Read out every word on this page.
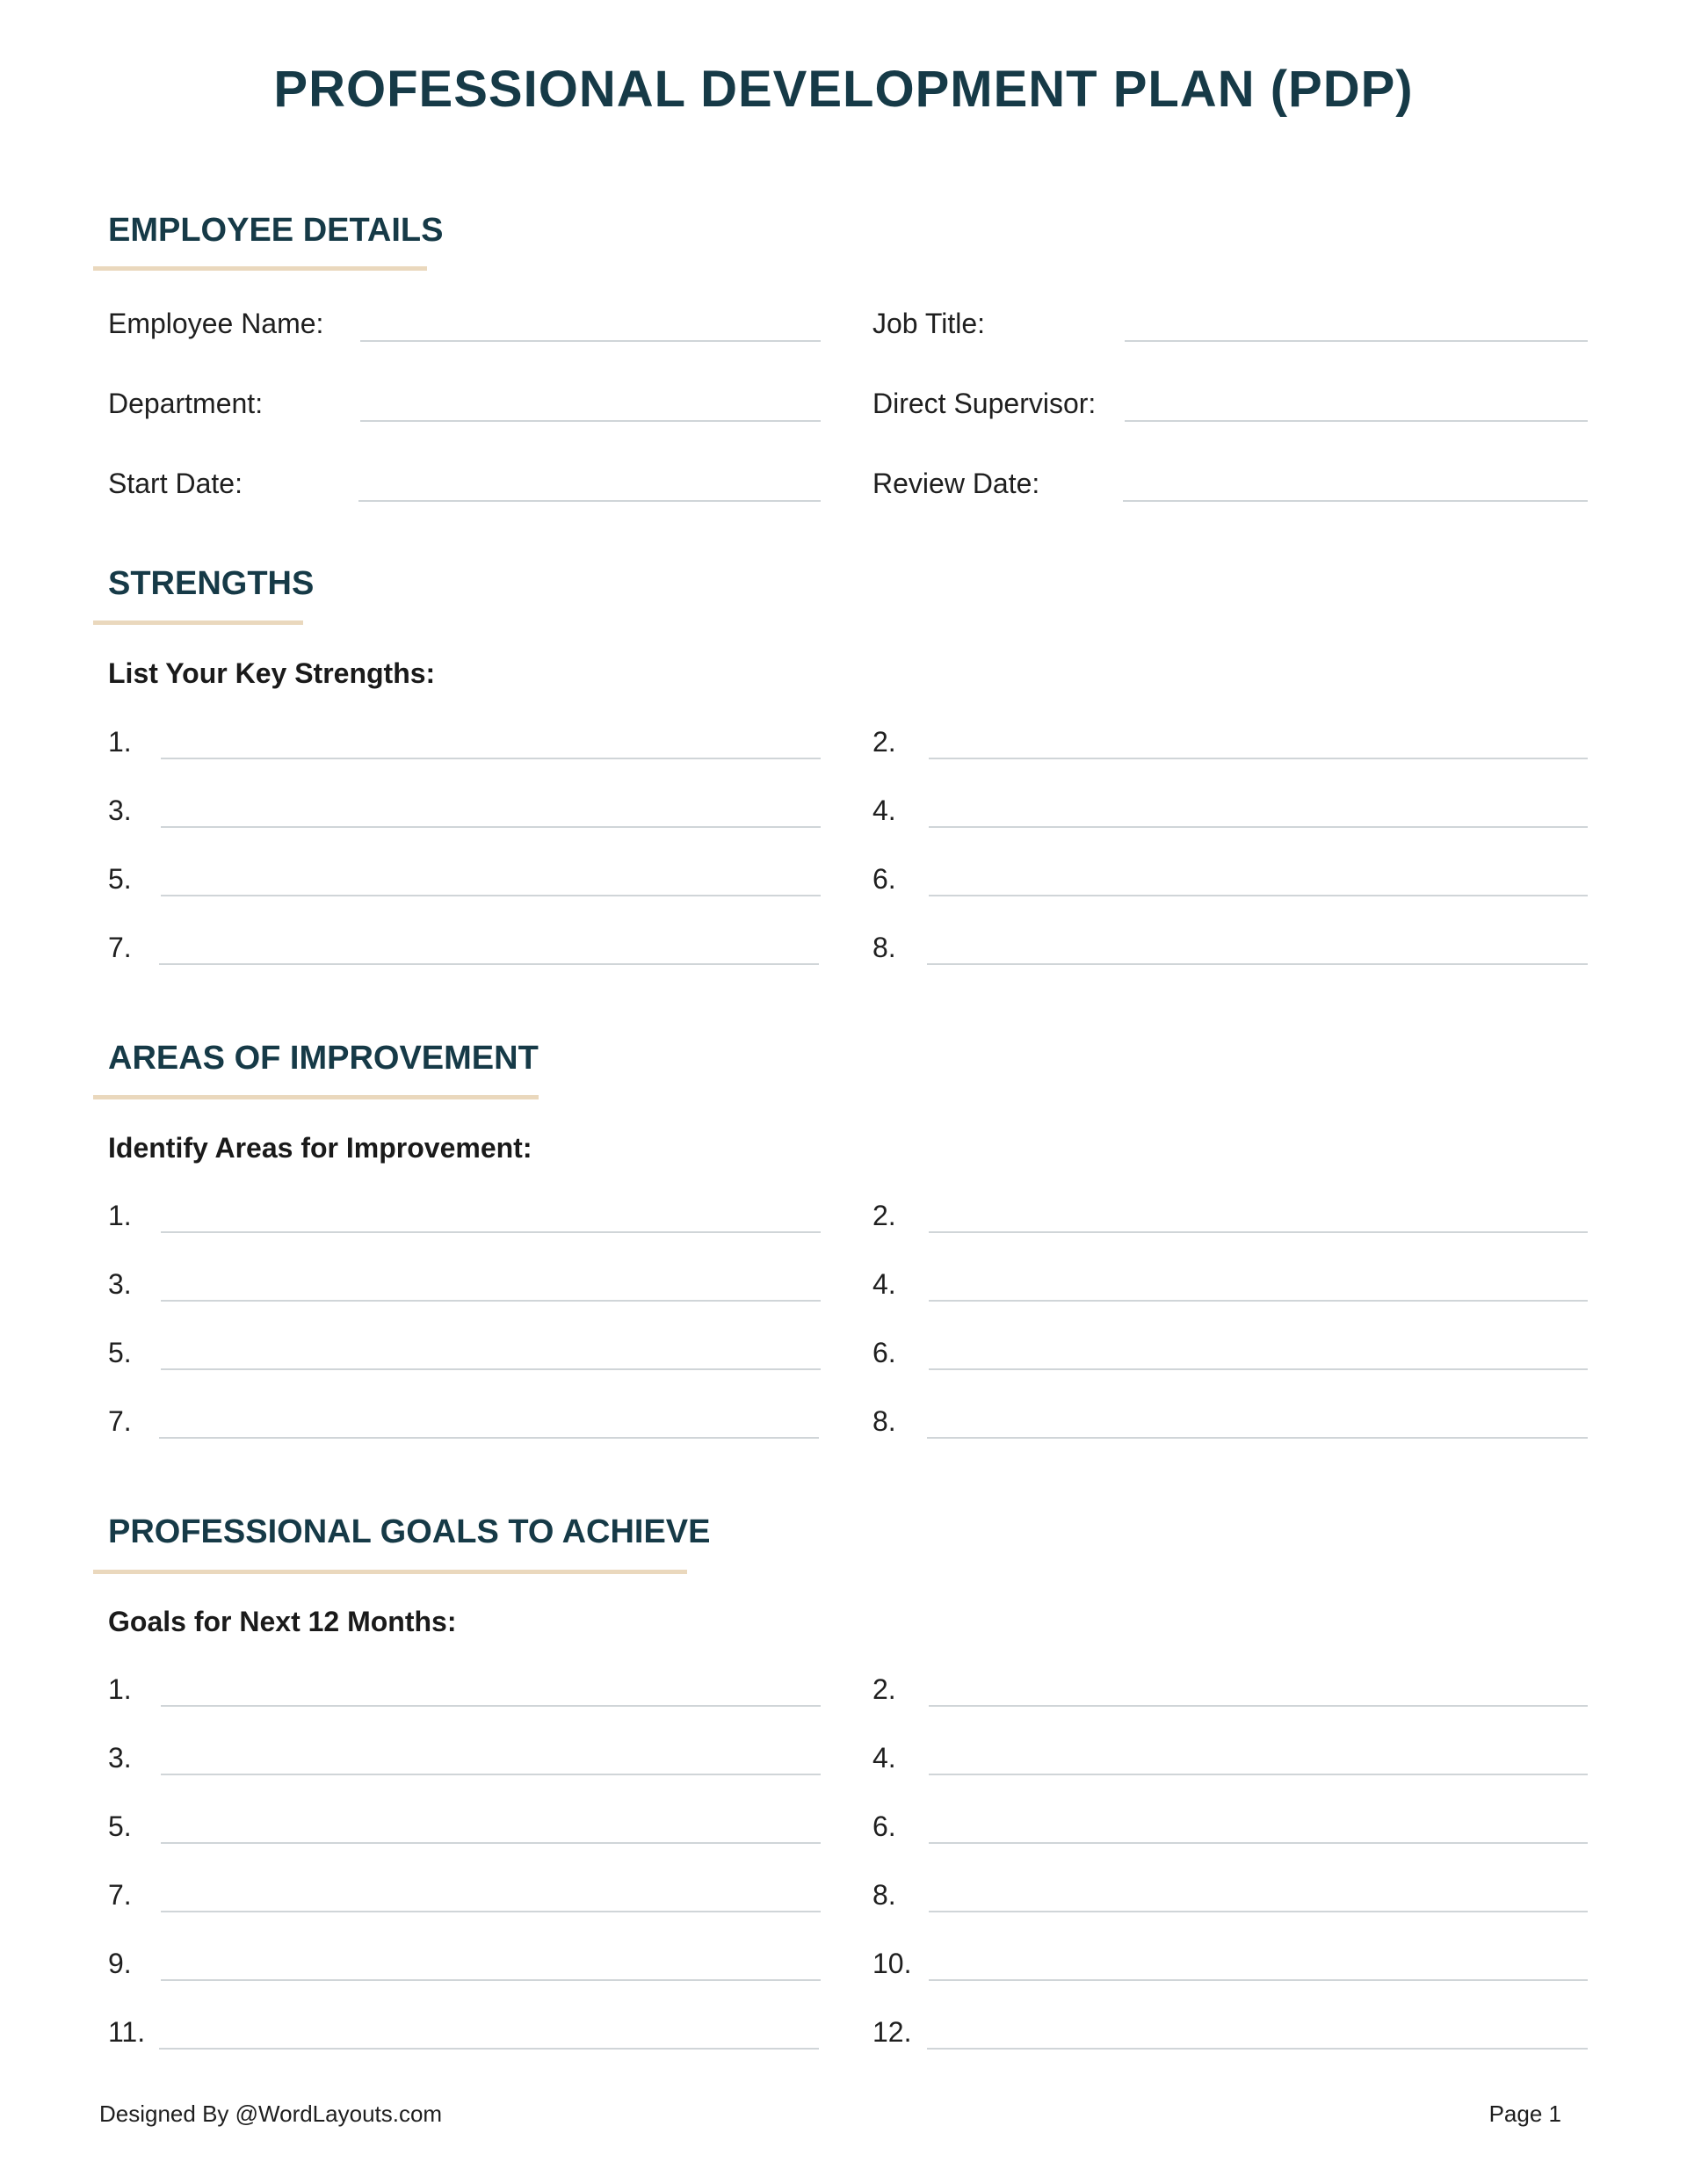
PROFESSIONAL DEVELOPMENT PLAN (PDP)
EMPLOYEE DETAILS
Employee Name:	Job Title:
Department:	Direct Supervisor:
Start Date:	Review Date:
STRENGTHS
List Your Key Strengths:
1.	2.
3.	4.
5.	6.
7.	8.
AREAS OF IMPROVEMENT
Identify Areas for Improvement:
1.	2.
3.	4.
5.	6.
7.	8.
PROFESSIONAL GOALS TO ACHIEVE
Goals for Next 12 Months:
1.	2.
3.	4.
5.	6.
7.	8.
9.	10.
11.	12.
Designed By @WordLayouts.com	Page 1
